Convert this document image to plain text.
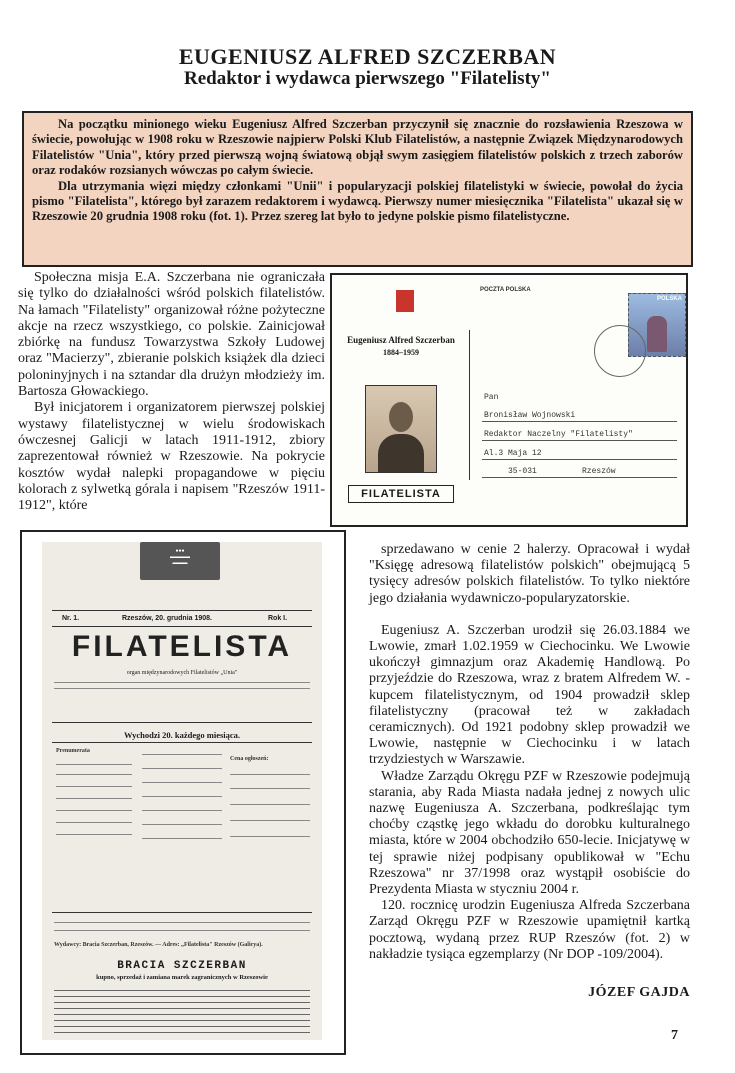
EUGENIUSZ ALFRED SZCZERBAN
Redaktor i wydawca pierwszego "Filatelisty"

Na początku minionego wieku Eugeniusz Alfred Szczerban przyczynił się znacznie do rozsławienia Rzeszowa w świecie, powołując w 1908 roku w Rzeszowie najpierw Polski Klub Filatelistów, a następnie Związek Międzynarodowych Filatelistów "Unia", który przed pierwszą wojną światową objął swym zasięgiem filatelistów polskich z trzech zaborów oraz rodaków rozsianych wówczas po całym świecie.

Dla utrzymania więzi między członkami "Unii" i popularyzacji polskiej filatelistyki w świecie, powołał do życia pismo "Filatelista", którego był zarazem redaktorem i wydawcą. Pierwszy numer miesięcznika "Filatelista" ukazał się w Rzeszowie 20 grudnia 1908 roku (fot. 1). Przez szereg lat było to jedyne polskie pismo filatelistyczne.

Społeczna misja E.A. Szczerbana nie ograniczała się tylko do działalności wśród polskich filatelistów. Na łamach "Filatelisty" organizował różne pożyteczne akcje na rzecz wszystkiego, co polskie. Zainicjował zbiórkę na fundusz Towarzystwa Szkoły Ludowej oraz "Macierzy", zbieranie polskich książek dla dzieci poloninyjnych i na sztandar dla drużyn młodzieży im. Bartosza Głowackiego.

Był inicjatorem i organizatorem pierwszej polskiej wystawy filatelistycznej w wielu środowiskach ówczesnej Galicji w latach 1911-1912, zbiory zaprezentował również w Rzeszowie. Na pokrycie kosztów wydał nalepki propagandowe w pięciu kolorach z sylwetką górala i napisem "Rzeszów 1911-1912", które

POCZTA POLSKA
POLSKA
Eugeniusz Alfred Szczerban
1884–1959
FILATELISTA
Pan
Bronisław Wojnowski
Redaktor Naczelny "Filatelisty"
Al.3 Maja 12
35-031	Rzeszów
●●●
▬▬▬▬
▬▬▬
Nr. 1.	Rzeszów, 20. grudnia 1908.	Rok I.
FILATELISTA
organ międzynarodowych Filatelistów „Unia"
Wychodzi 20. każdego miesiąca.
Prenumerata
Cena ogłoszeń:
Wydawcy: Bracia Szczerban, Rzeszów. — Adres: „Filatelista" Rzeszów (Galicya).
BRACIA SZCZERBAN
kupno, sprzedaż i zamiana marek zagranicznych w Rzeszowie

sprzedawano w cenie 2 halerzy. Opracował i wydał "Księgę adresową filatelistów polskich" obejmującą 5 tysięcy adresów polskich filatelistów. To tylko niektóre jego działania wydawniczo-popularyzatorskie.

Eugeniusz A. Szczerban urodził się 26.03.1884 we Lwowie, zmarł 1.02.1959 w Ciechocinku. We Lwowie ukończył gimnazjum oraz Akademię Handlową. Po przyjeździe do Rzeszowa, wraz z bratem Alfredem W. - kupcem filatelistycznym, od 1904 prowadził sklep filatelistyczny (pracował też w zakładach ceramicznych). Od 1921 podobny sklep prowadził we Lwowie, następnie w Ciechocinku i w latach trzydziestych w Warszawie.

Władze Zarządu Okręgu PZF w Rzeszowie podejmują starania, aby Rada Miasta nadała jednej z nowych ulic nazwę Eugeniusza A. Szczerbana, podkreślając tym choćby cząstkę jego wkładu do dorobku kulturalnego miasta, które w 2004 obchodziło 650-lecie. Inicjatywę w tej sprawie niżej podpisany opublikował w "Echu Rzeszowa" nr 37/1998 oraz wystąpił osobiście do Prezydenta Miasta w styczniu 2004 r.

120. rocznicę urodzin Eugeniusza Alfreda Szczerbana Zarząd Okręgu PZF w Rzeszowie upamiętnił kartką pocztową, wydaną przez RUP Rzeszów (fot. 2) w nakładzie tysiąca egzemplarzy (Nr DOP -109/2004).

JÓZEF GAJDA
7
